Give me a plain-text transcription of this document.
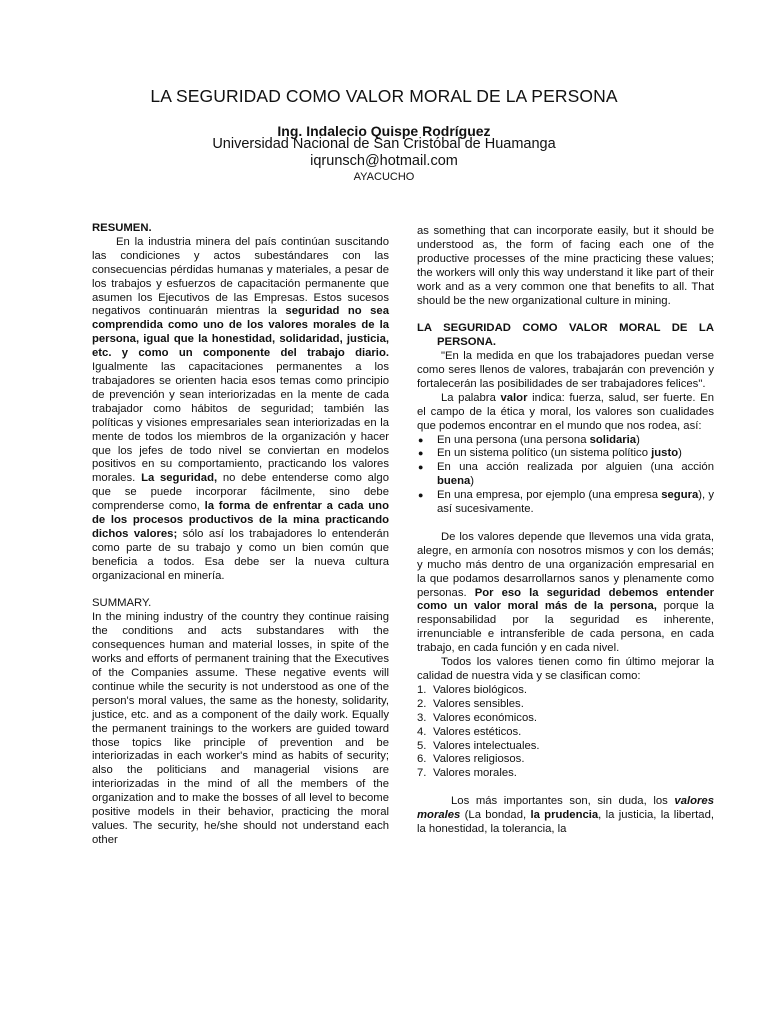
LA SEGURIDAD COMO VALOR MORAL DE LA PERSONA
Ing. Indalecio Quispe Rodríguez
Universidad Nacional de San Cristóbal de Huamanga
iqrunsch@hotmail.com
AYACUCHO

RESUMEN.

En la industria minera del país continúan suscitando las condiciones y actos subestándares con las consecuencias pérdidas humanas y materiales, a pesar de los trabajos y esfuerzos de capacitación permanente que asumen los Ejecutivos de las Empresas. Estos sucesos negativos continuarán mientras la seguridad no sea comprendida como uno de los valores morales de la persona, igual que la honestidad, solidaridad, justicia, etc. y como un componente del trabajo diario. Igualmente las capacitaciones permanentes a los trabajadores se orienten hacia esos temas como principio de prevención y sean interiorizadas en la mente de cada trabajador como hábitos de seguridad; también las políticas y visiones empresariales sean interiorizadas en la mente de todos los miembros de la organización y hacer que los jefes de todo nivel se conviertan en modelos positivos en su comportamiento, practicando los valores morales. La seguridad, no debe entenderse como algo que se puede incorporar fácilmente, sino debe comprenderse como, la forma de enfrentar a cada uno de los procesos productivos de la mina practicando dichos valores; sólo así los trabajadores lo entenderán como parte de su trabajo y como un bien común que beneficia a todos. Esa debe ser la nueva cultura organizacional en minería.

SUMMARY.

In the mining industry of the country they continue raising the conditions and acts substandares with the consequences human and material losses, in spite of the works and efforts of permanent training that the Executives of the Companies assume. These negative events will continue while the security is not understood as one of the person's moral values, the same as the honesty, solidarity, justice, etc. and as a component of the daily work. Equally the permanent trainings to the workers are guided toward those topics like principle of prevention and be interiorizadas in each worker's mind as habits of security; also the politicians and managerial visions are interiorizadas in the mind of all the members of the organization and to make the bosses of all level to become positive models in their behavior, practicing the moral values. The security, he/she should not understand each other

as something that can incorporate easily, but it should be understood as, the form of facing each one of the productive processes of the mine practicing these values; the workers will only this way understand it like part of their work and as a very common one that benefits to all. That should be the new organizational culture in mining.

LA SEGURIDAD COMO VALOR MORAL DE LA PERSONA.

"En la medida en que los trabajadores puedan verse como seres llenos de valores, trabajarán con prevención y fortalecerán las posibilidades de ser trabajadores felices".

La palabra valor indica: fuerza, salud, ser fuerte. En el campo de la ética y moral, los valores son cualidades que podemos encontrar en el mundo que nos rodea, así:

● En una persona (una persona solidaria)
● En un sistema político (un sistema político justo)
● En una acción realizada por alguien (una acción buena)
● En una empresa, por ejemplo (una empresa segura), y así sucesivamente.

De los valores depende que llevemos una vida grata, alegre, en armonía con nosotros mismos y con los demás; y mucho más dentro de una organización empresarial en la que podamos desarrollarnos sanos y plenamente como personas. Por eso la seguridad debemos entender como un valor moral más de la persona, porque la responsabilidad por la seguridad es inherente, irrenunciable e intransferible de cada persona, en cada trabajo, en cada función y en cada nivel.

Todos los valores tienen como fin último mejorar la calidad de nuestra vida y se clasifican como:

1. Valores biológicos.
2. Valores sensibles.
3. Valores económicos.
4. Valores estéticos.
5. Valores intelectuales.
6. Valores religiosos.
7. Valores morales.

Los más importantes son, sin duda, los valores morales (La bondad, la prudencia, la justicia, la libertad, la honestidad, la tolerancia, la
